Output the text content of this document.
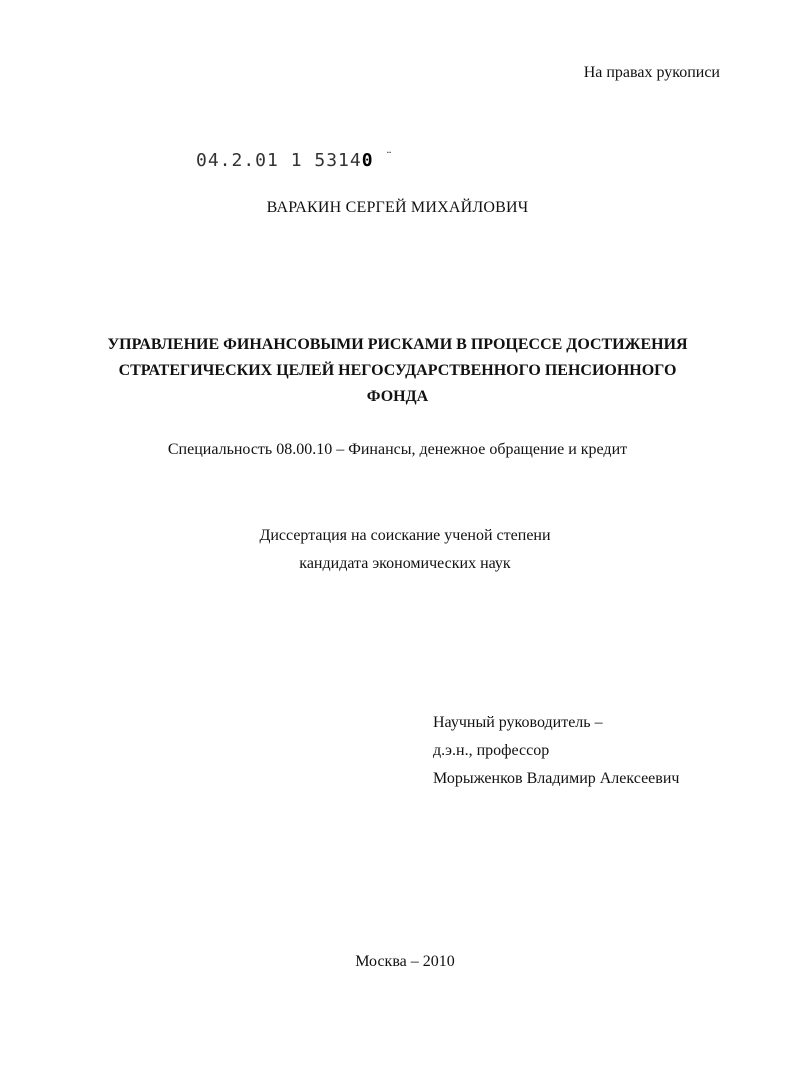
На правах рукописи
04.2.01 1 53140 ¨
ВАРАКИН СЕРГЕЙ МИХАЙЛОВИЧ
УПРАВЛЕНИЕ ФИНАНСОВЫМИ РИСКАМИ В ПРОЦЕССЕ ДОСТИЖЕНИЯ
СТРАТЕГИЧЕСКИХ ЦЕЛЕЙ НЕГОСУДАРСТВЕННОГО ПЕНСИОННОГО
ФОНДА
Специальность 08.00.10 – Финансы, денежное обращение и кредит
Диссертация на соискание ученой степени
кандидата экономических наук
Научный руководитель –
д.э.н., профессор
Морыженков Владимир Алексеевич
Москва – 2010
